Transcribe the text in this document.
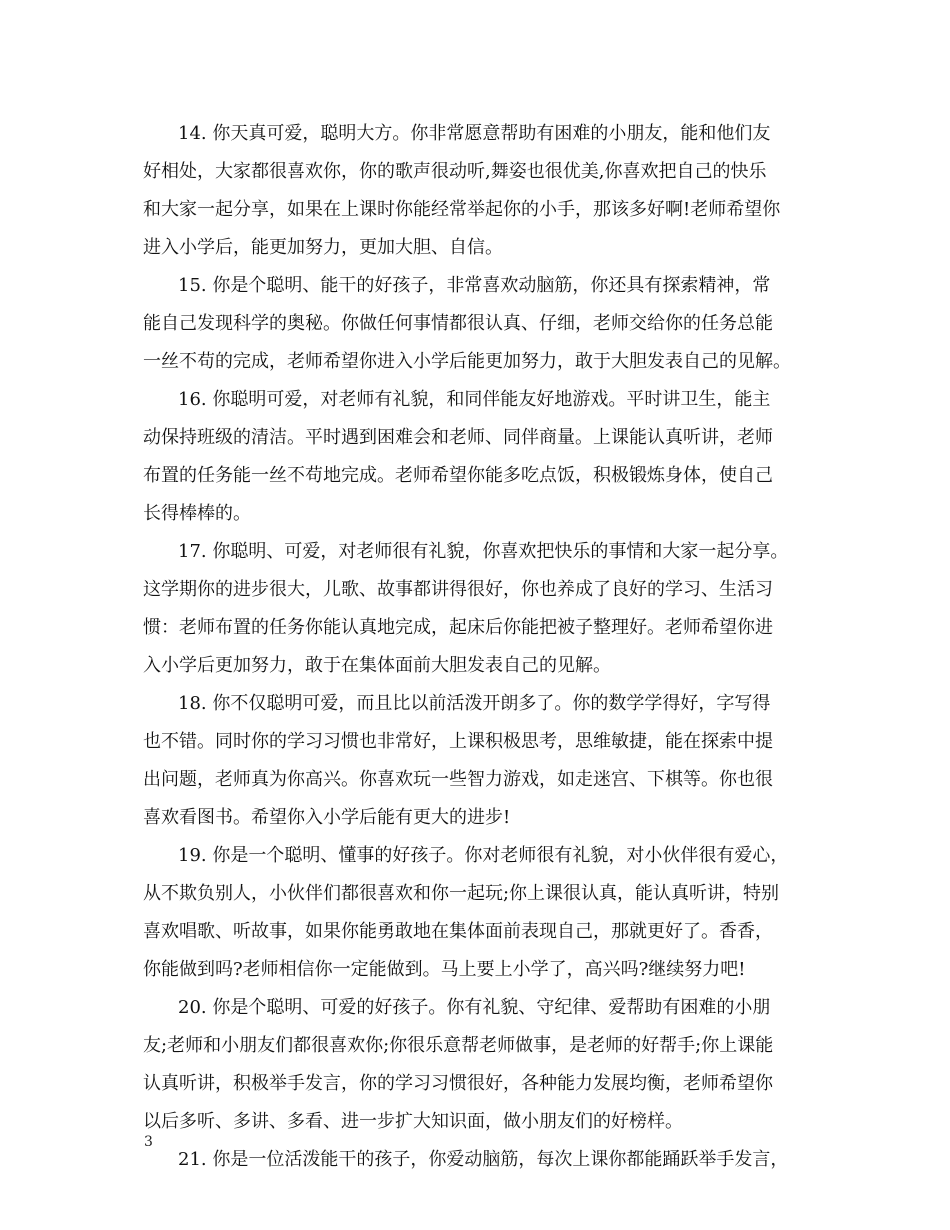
14. 你天真可爱，聪明大方。你非常愿意帮助有困难的小朋友，能和他们友
好相处，大家都很喜欢你，你的歌声很动听,舞姿也很优美,你喜欢把自己的快乐
和大家一起分享，如果在上课时你能经常举起你的小手，那该多好啊!老师希望你
进入小学后，能更加努力，更加大胆、自信。
15. 你是个聪明、能干的好孩子，非常喜欢动脑筋，你还具有探索精神，常
能自己发现科学的奥秘。你做任何事情都很认真、仔细，老师交给你的任务总能
一丝不苟的完成，老师希望你进入小学后能更加努力，敢于大胆发表自己的见解。
16. 你聪明可爱，对老师有礼貌，和同伴能友好地游戏。平时讲卫生，能主
动保持班级的清洁。平时遇到困难会和老师、同伴商量。上课能认真听讲，老师
布置的任务能一丝不苟地完成。老师希望你能多吃点饭，积极锻炼身体，使自己
长得棒棒的。
17. 你聪明、可爱，对老师很有礼貌，你喜欢把快乐的事情和大家一起分享。
这学期你的进步很大，儿歌、故事都讲得很好，你也养成了良好的学习、生活习
惯：老师布置的任务你能认真地完成，起床后你能把被子整理好。老师希望你进
入小学后更加努力，敢于在集体面前大胆发表自己的见解。
18. 你不仅聪明可爱，而且比以前活泼开朗多了。你的数学学得好，字写得
也不错。同时你的学习习惯也非常好，上课积极思考，思维敏捷，能在探索中提
出问题，老师真为你高兴。你喜欢玩一些智力游戏，如走迷宫、下棋等。你也很
喜欢看图书。希望你入小学后能有更大的进步!
19. 你是一个聪明、懂事的好孩子。你对老师很有礼貌，对小伙伴很有爱心，
从不欺负别人，小伙伴们都很喜欢和你一起玩;你上课很认真，能认真听讲，特别
喜欢唱歌、听故事，如果你能勇敢地在集体面前表现自己，那就更好了。香香，
你能做到吗?老师相信你一定能做到。马上要上小学了，高兴吗?继续努力吧!
20. 你是个聪明、可爱的好孩子。你有礼貌、守纪律、爱帮助有困难的小朋
友;老师和小朋友们都很喜欢你;你很乐意帮老师做事，是老师的好帮手;你上课能
认真听讲，积极举手发言，你的学习习惯很好，各种能力发展均衡，老师希望你
以后多听、多讲、多看、进一步扩大知识面，做小朋友们的好榜样。
21. 你是一位活泼能干的孩子，你爱动脑筋，每次上课你都能踊跃举手发言，
3
